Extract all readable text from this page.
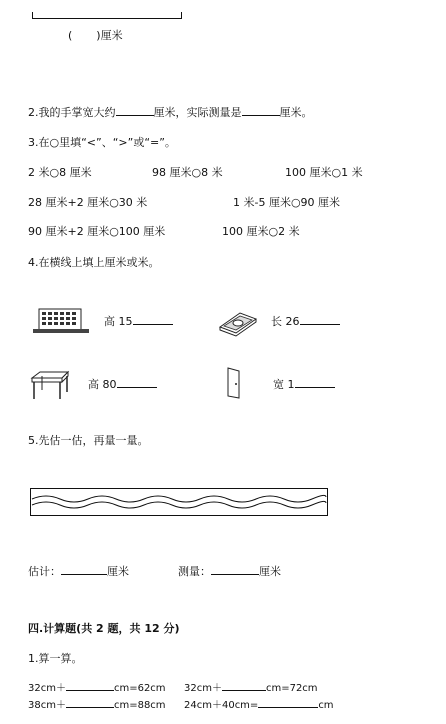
( )厘米
2.我的手掌宽大约	厘米，实际测量是	厘米。
3.在○里填“<”、“>”或“=”。
2 米○8 厘米	98 厘米○8 米	100 厘米○1 米
28 厘米+2 厘米○30 米	1 米-5 厘米○90 厘米
90 厘米+2 厘米○100 厘米	100 厘米○2 米
4.在横线上填上厘米或米。
高 15	长 26
高 80	宽 1
5.先估一估，再量一量。
估计：	厘米	测量：	厘米
四.计算题(共 2 题，共 12 分)
1.算一算。
32cm＋	cm=62cm 32cm＋	cm=72cm
38cm＋	cm=88cm 24cm＋40cm=	cm
